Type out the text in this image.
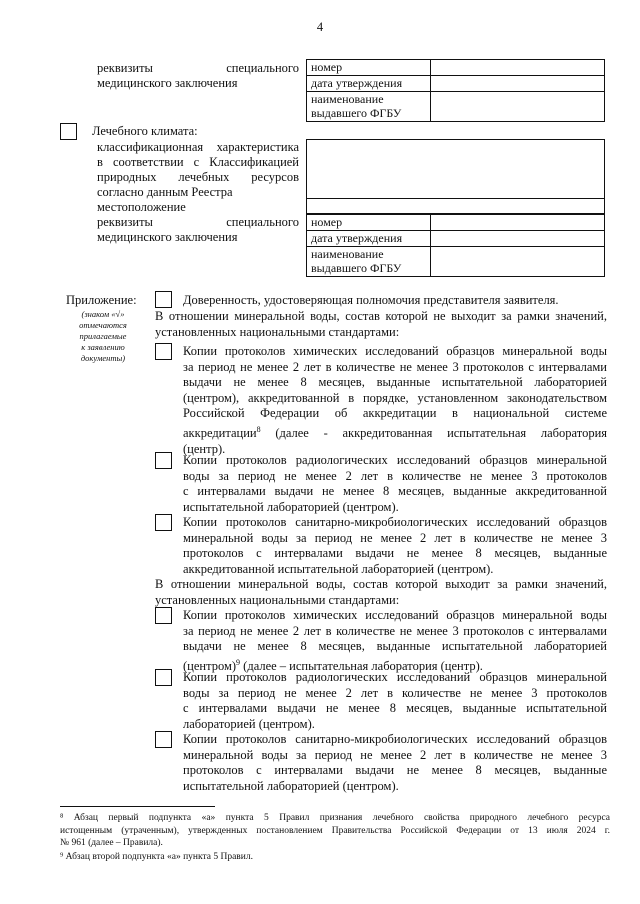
4
реквизиты специального
медицинского заключения
номер	
дата утверждения	
наименование
выдавшего ФГБУ	
Лечебного климата:
классификационная характеристика
в соответствии с Классификацией
природных лечебных ресурсов
согласно данным Реестра
местоположение
реквизиты специального
медицинского заключения
номер	
дата утверждения	
наименование
выдавшего ФГБУ	
Приложение:
(знаком «√»
отмечаются
прилагаемые
к заявлению
документы)
Доверенность, удостоверяющая полномочия представителя заявителя.
В отношении минеральной воды, состав которой не выходит за рамки значений,
установленных национальными стандартами:
Копии протоколов химических исследований образцов минеральной воды
за период не менее 2 лет в количестве не менее 3 протоколов с интервалами
выдачи не менее 8 месяцев, выданные испытательной лабораторией
(центром), аккредитованной в порядке, установленном законодательством
Российской Федерации об аккредитации в национальной системе
аккредитации$^8$ (далее - аккредитованная испытательная лаборатория
(центр).
Копии протоколов радиологических исследований образцов минеральной
воды за период не менее 2 лет в количестве не менее 3 протоколов
с интервалами выдачи не менее 8 месяцев, выданные аккредитованной
испытательной лабораторией (центром).
Копии протоколов санитарно-микробиологических исследований образцов
минеральной воды за период не менее 2 лет в количестве не менее 3
протоколов с интервалами выдачи не менее 8 месяцев, выданные
аккредитованной испытательной лабораторией (центром).
В отношении минеральной воды, состав которой выходит за рамки значений,
установленных национальными стандартами:
Копии протоколов химических исследований образцов минеральной воды
за период не менее 2 лет в количестве не менее 3 протоколов с интервалами
выдачи не менее 8 месяцев, выданные испытательной лабораторией
(центром)$^9$ (далее – испытательная лаборатория (центр).
Копии протоколов радиологических исследований образцов минеральной
воды за период не менее 2 лет в количестве не менее 3 протоколов
с интервалами выдачи не менее 8 месяцев, выданные испытательной
лабораторией (центром).
Копии протоколов санитарно-микробиологических исследований образцов
минеральной воды за период не менее 2 лет в количестве не менее 3
протоколов с интервалами выдачи не менее 8 месяцев, выданные
испытательной лабораторией (центром).
⁸ Абзац первый подпункта «а» пункта 5 Правил признания лечебного свойства природного лечебного ресурса
истощенным (утраченным), утвержденных постановлением Правительства Российской Федерации от 13 июля 2024 г.
№ 961 (далее – Правила).
⁹ Абзац второй подпункта «а» пункта 5 Правил.
